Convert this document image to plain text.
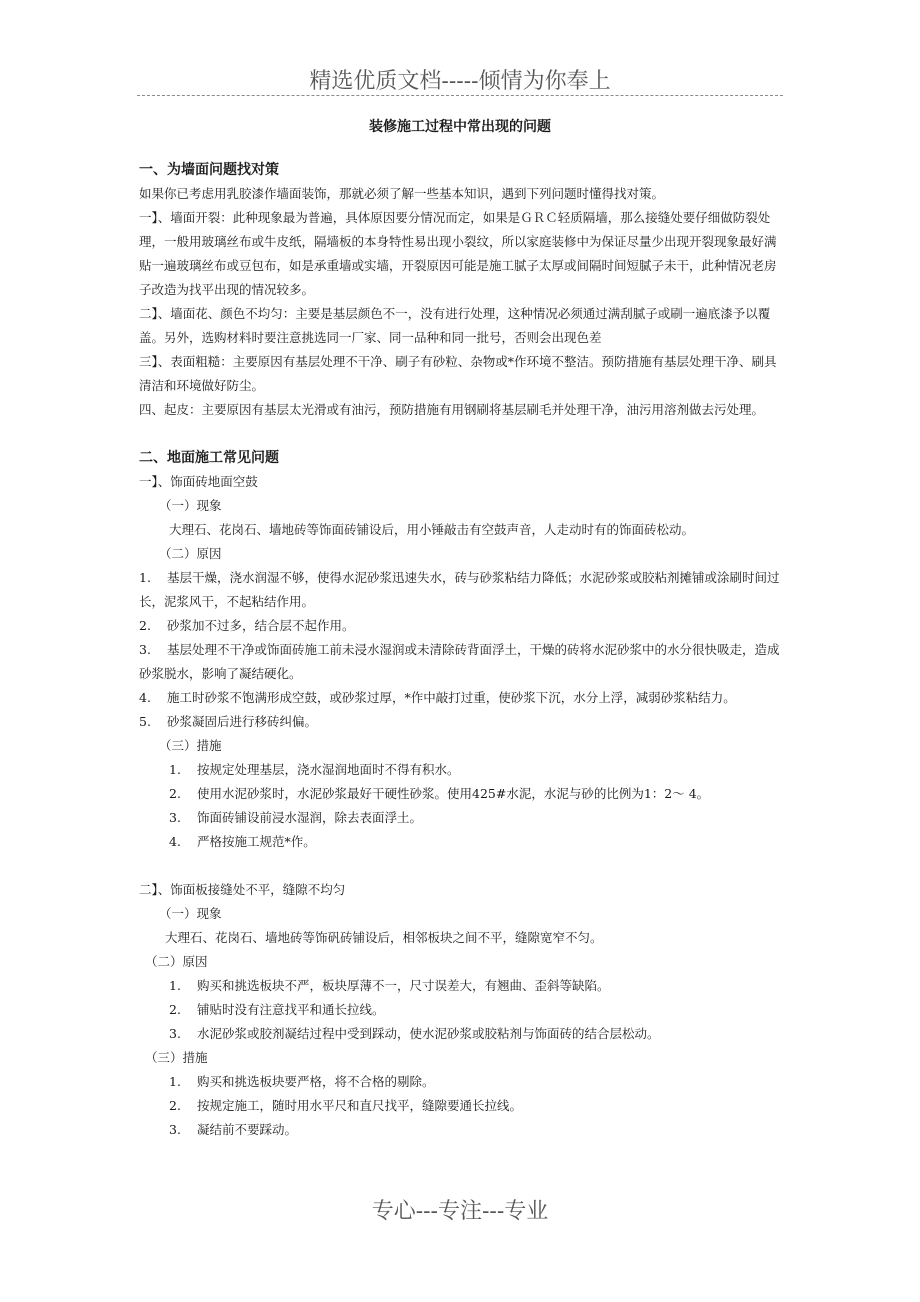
精选优质文档-----倾情为你奉上
装修施工过程中常出现的问题

一、为墙面问题找对策

如果你已考虑用乳胶漆作墙面装饰，那就必须了解一些基本知识，遇到下列问题时懂得找对策。

一】、墙面开裂：此种现象最为普遍，具体原因要分情况而定，如果是ＧＲＣ轻质隔墙，那么接缝处要仔细做防裂处理，一般用玻璃丝布或牛皮纸，隔墙板的本身特性易出现小裂纹，所以家庭装修中为保证尽量少出现开裂现象最好满贴一遍玻璃丝布或豆包布，如是承重墙或实墙，开裂原因可能是施工腻子太厚或间隔时间短腻子未干，此种情况老房子改造为找平出现的情况较多。

二】、墙面花、颜色不均匀：主要是基层颜色不一，没有进行处理，这种情况必须通过满刮腻子或刷一遍底漆予以覆盖。另外，选购材料时要注意挑选同一厂家、同一品种和同一批号，否则会出现色差

三】、表面粗糙：主要原因有基层处理不干净、刷子有砂粒、杂物或*作环境不整洁。预防措施有基层处理干净、刷具清洁和环境做好防尘。

四、起皮：主要原因有基层太光滑或有油污，预防措施有用钢刷将基层刷毛并处理干净，油污用溶剂做去污处理。

二、地面施工常见问题

一】、饰面砖地面空鼓

（一）现象

大理石、花岗石、墙地砖等饰面砖铺设后，用小锤敲击有空鼓声音，人走动时有的饰面砖松动。

（二）原因

1. 基层干燥，浇水润湿不够，使得水泥砂浆迅速失水，砖与砂浆粘结力降低；水泥砂浆或胶粘剂摊铺或涂刷时间过长，泥浆风干，不起粘结作用。

2. 砂浆加不过多，结合层不起作用。

3. 基层处理不干净或饰面砖施工前未浸水湿润或未清除砖背面浮土，干燥的砖将水泥砂浆中的水分很快吸走，造成砂浆脱水，影响了凝结硬化。

4. 施工时砂浆不饱满形成空鼓，或砂浆过厚，*作中敲打过重，使砂浆下沉，水分上浮，减弱砂浆粘结力。

5. 砂浆凝固后进行移砖纠偏。

（三）措施

1. 按规定处理基层，浇水湿润地面时不得有积水。

2. 使用水泥砂浆时，水泥砂浆最好干硬性砂浆。使用425#水泥，水泥与砂的比例为1：2～ 4。

3. 饰面砖铺设前浸水湿润，除去表面浮土。

4. 严格按施工规范*作。

二】、饰面板接缝处不平，缝隙不均匀

（一）现象

大理石、花岗石、墙地砖等饰矾砖铺设后，相邻板块之间不平，缝隙宽窄不匀。

（二）原因

1. 购买和挑选板块不严，板块厚薄不一，尺寸误差大，有翘曲、歪斜等缺陷。

2. 铺贴时没有注意找平和通长拉线。

3. 水泥砂浆或胶剂凝结过程中受到踩动，使水泥砂浆或胶粘剂与饰面砖的结合层松动。

（三）措施

1. 购买和挑选板块要严格，将不合格的剔除。

2. 按规定施工，随时用水平尺和直尺找平，缝隙要通长拉线。

3. 凝结前不要踩动。

专心---专注---专业
